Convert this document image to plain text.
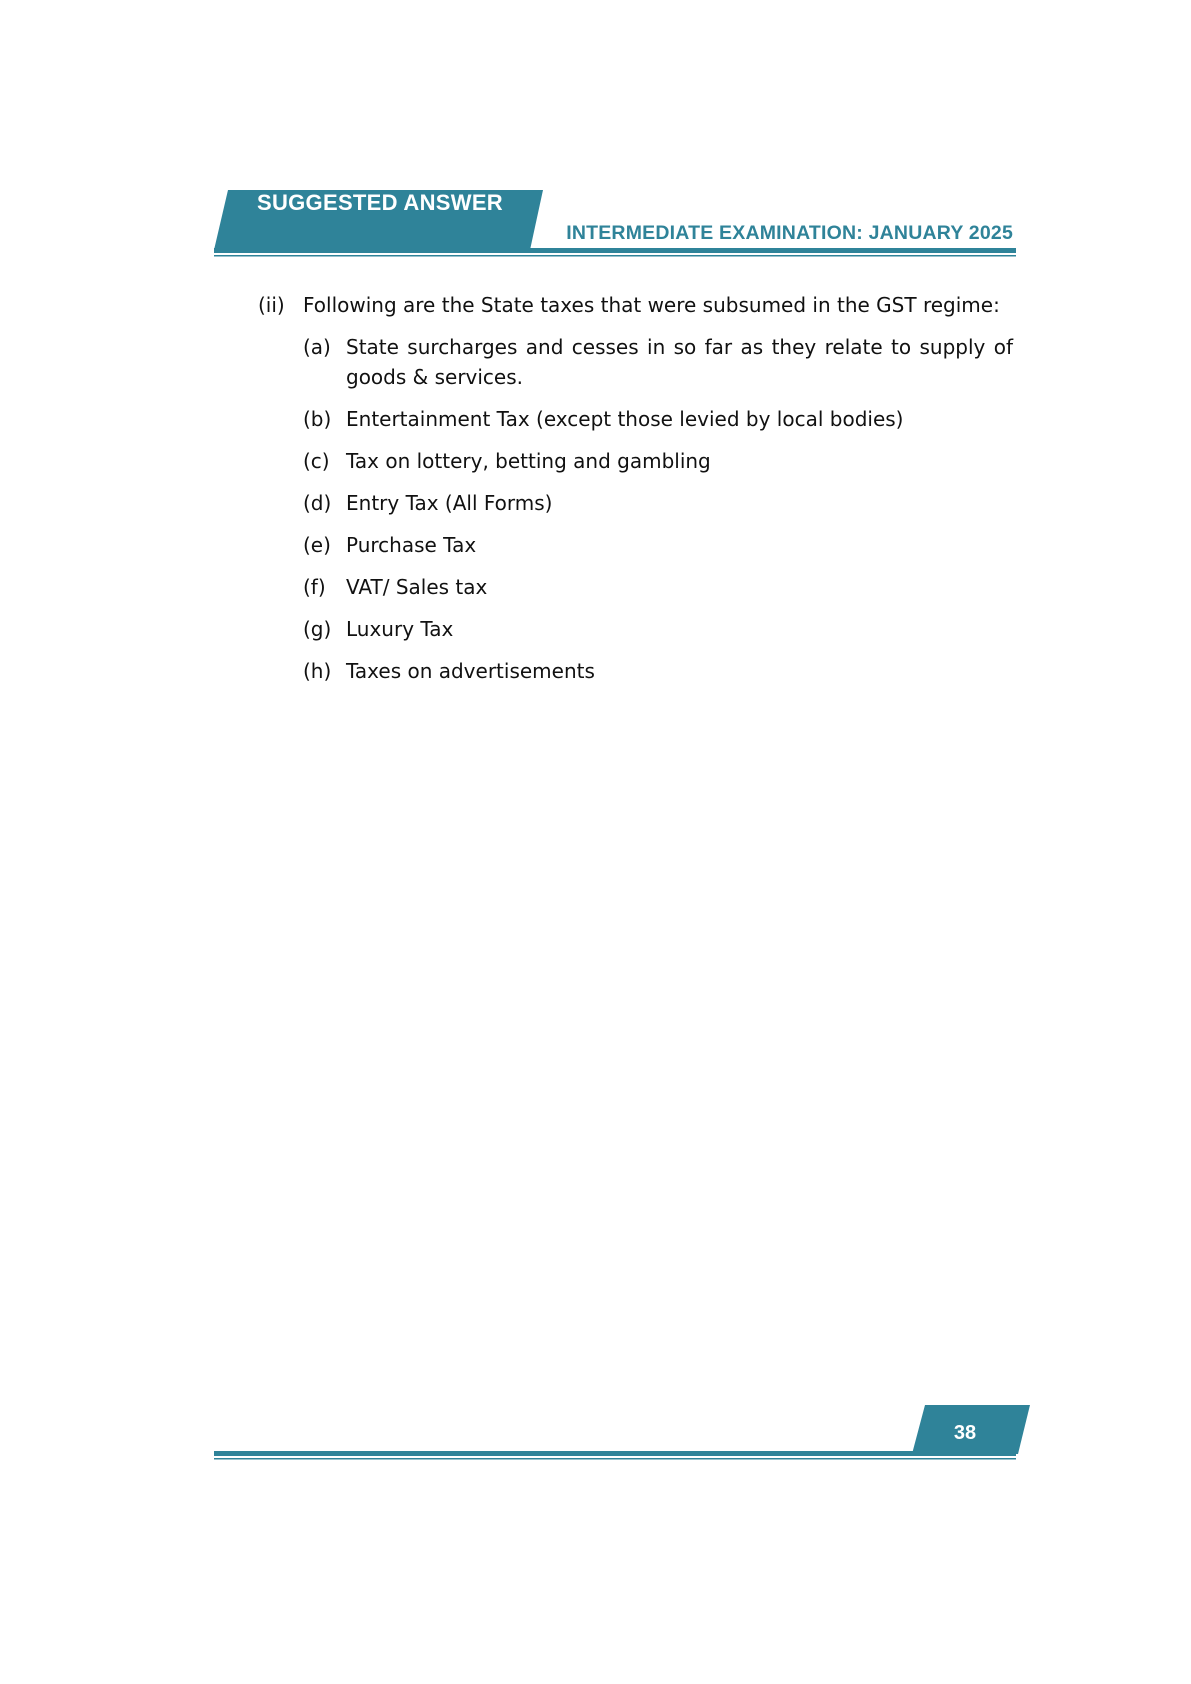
SUGGESTED ANSWER
INTERMEDIATE EXAMINATION: JANUARY 2025
(ii) Following are the State taxes that were subsumed in the GST regime:
(a) State surcharges and cesses in so far as they relate to supply of goods & services.
(b) Entertainment Tax (except those levied by local bodies)
(c) Tax on lottery, betting and gambling
(d) Entry Tax (All Forms)
(e) Purchase Tax
(f)	VAT/ Sales tax
(g) Luxury Tax
(h) Taxes on advertisements
38
